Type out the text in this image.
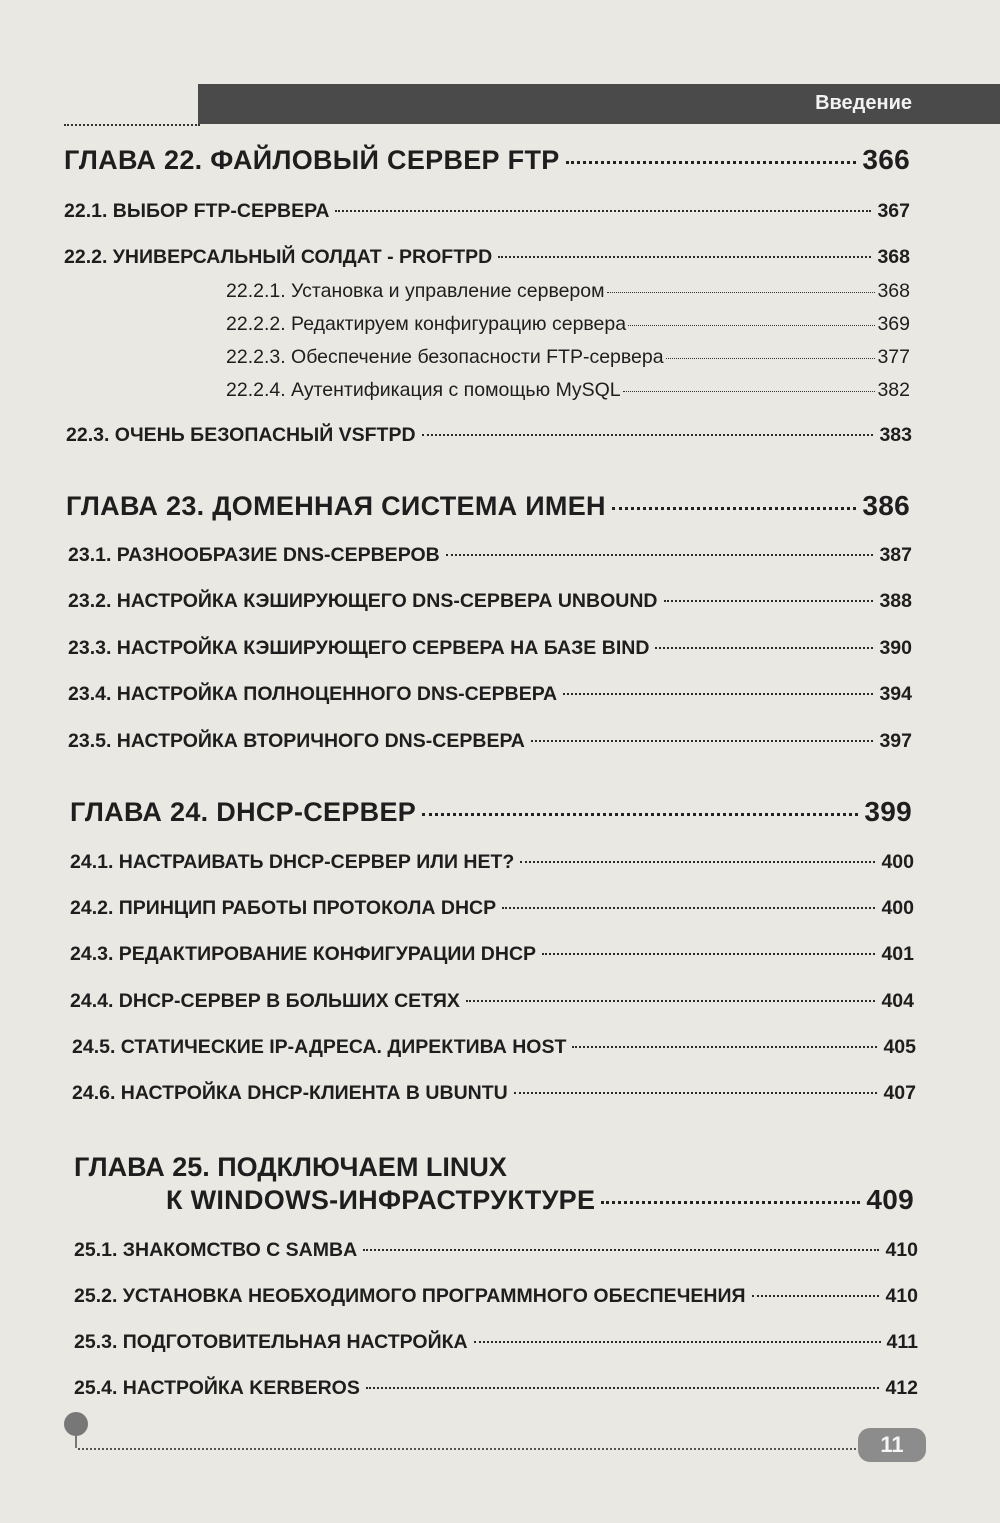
Введение
ГЛАВА 22. ФАЙЛОВЫЙ СЕРВЕР FTP	366
22.1. ВЫБОР FTP-СЕРВЕРА	367
22.2. УНИВЕРСАЛЬНЫЙ СОЛДАТ - PROFTPD	368
22.2.1. Установка и управление сервером	368
22.2.2. Редактируем конфигурацию сервера	369
22.2.3. Обеспечение безопасности FTP-сервера	377
22.2.4. Аутентификация с помощью MySQL	382
22.3. ОЧЕНЬ БЕЗОПАСНЫЙ VSFTPD	383
ГЛАВА 23. ДОМЕННАЯ СИСТЕМА ИМЕН	386
23.1. РАЗНООБРАЗИЕ DNS-СЕРВЕРОВ	387
23.2. НАСТРОЙКА КЭШИРУЮЩЕГО DNS-СЕРВЕРА UNBOUND	388
23.3. НАСТРОЙКА КЭШИРУЮЩЕГО СЕРВЕРА НА БАЗЕ BIND	390
23.4. НАСТРОЙКА ПОЛНОЦЕННОГО DNS-СЕРВЕРА	394
23.5. НАСТРОЙКА ВТОРИЧНОГО DNS-СЕРВЕРА	397
ГЛАВА 24. DHCP-СЕРВЕР	399
24.1. НАСТРАИВАТЬ DHCP-СЕРВЕР ИЛИ НЕТ?	400
24.2. ПРИНЦИП РАБОТЫ ПРОТОКОЛА DHCP	400
24.3. РЕДАКТИРОВАНИЕ КОНФИГУРАЦИИ DHCP	401
24.4. DHCP-СЕРВЕР В БОЛЬШИХ СЕТЯХ	404
24.5. СТАТИЧЕСКИЕ IP-АДРЕСА. ДИРЕКТИВА HOST	405
24.6. НАСТРОЙКА DHCP-КЛИЕНТА В UBUNTU	407
ГЛАВА 25. ПОДКЛЮЧАЕМ LINUX
К WINDOWS-ИНФРАСТРУКТУРЕ	409
25.1. ЗНАКОМСТВО С SAMBA	410
25.2. УСТАНОВКА НЕОБХОДИМОГО ПРОГРАММНОГО ОБЕСПЕЧЕНИЯ	410
25.3. ПОДГОТОВИТЕЛЬНАЯ НАСТРОЙКА	411
25.4. НАСТРОЙКА KERBEROS	412
11
